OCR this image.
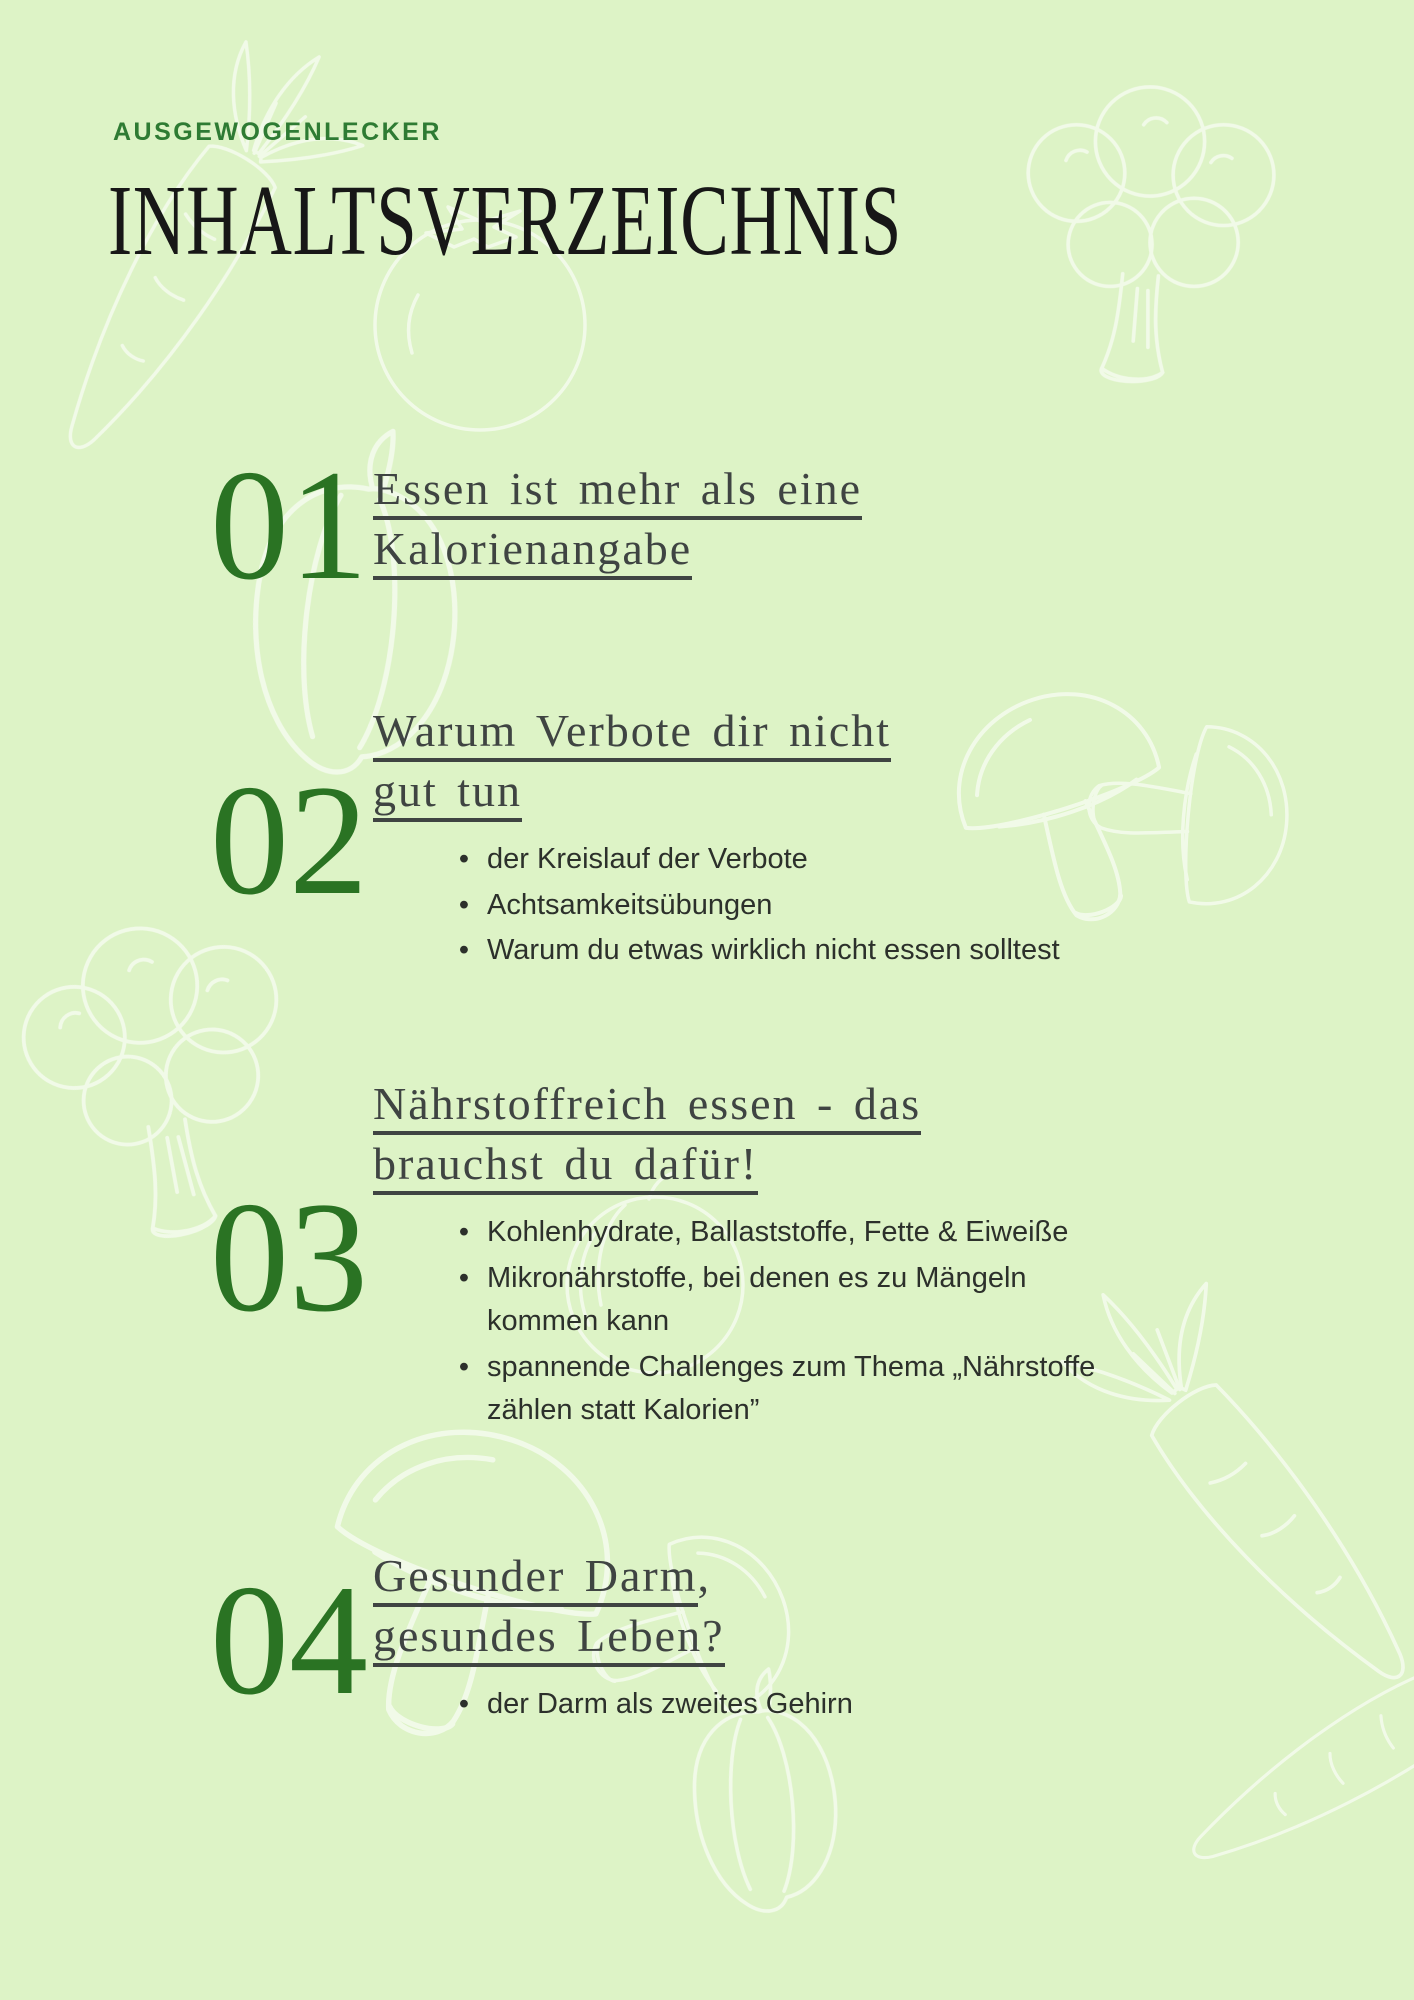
AUSGEWOGENLECKER
INHALTSVERZEICHNIS
01 Essen ist mehr als eine
Kalorienangabe
02
Warum Verbote dir nicht
gut tun
• der Kreislauf der Verbote
• Achtsamkeitsübungen
• Warum du etwas wirklich nicht essen solltest
03
Nährstoffreich essen - das
brauchst du dafür!
• Kohlenhydrate, Ballaststoffe, Fette & Eiweiße
• Mikronährstoffe, bei denen es zu Mängeln kommen kann
• spannende Challenges zum Thema „Nährstoffe zählen statt Kalorien”
04 Gesunder Darm,
gesundes Leben?
• der Darm als zweites Gehirn
